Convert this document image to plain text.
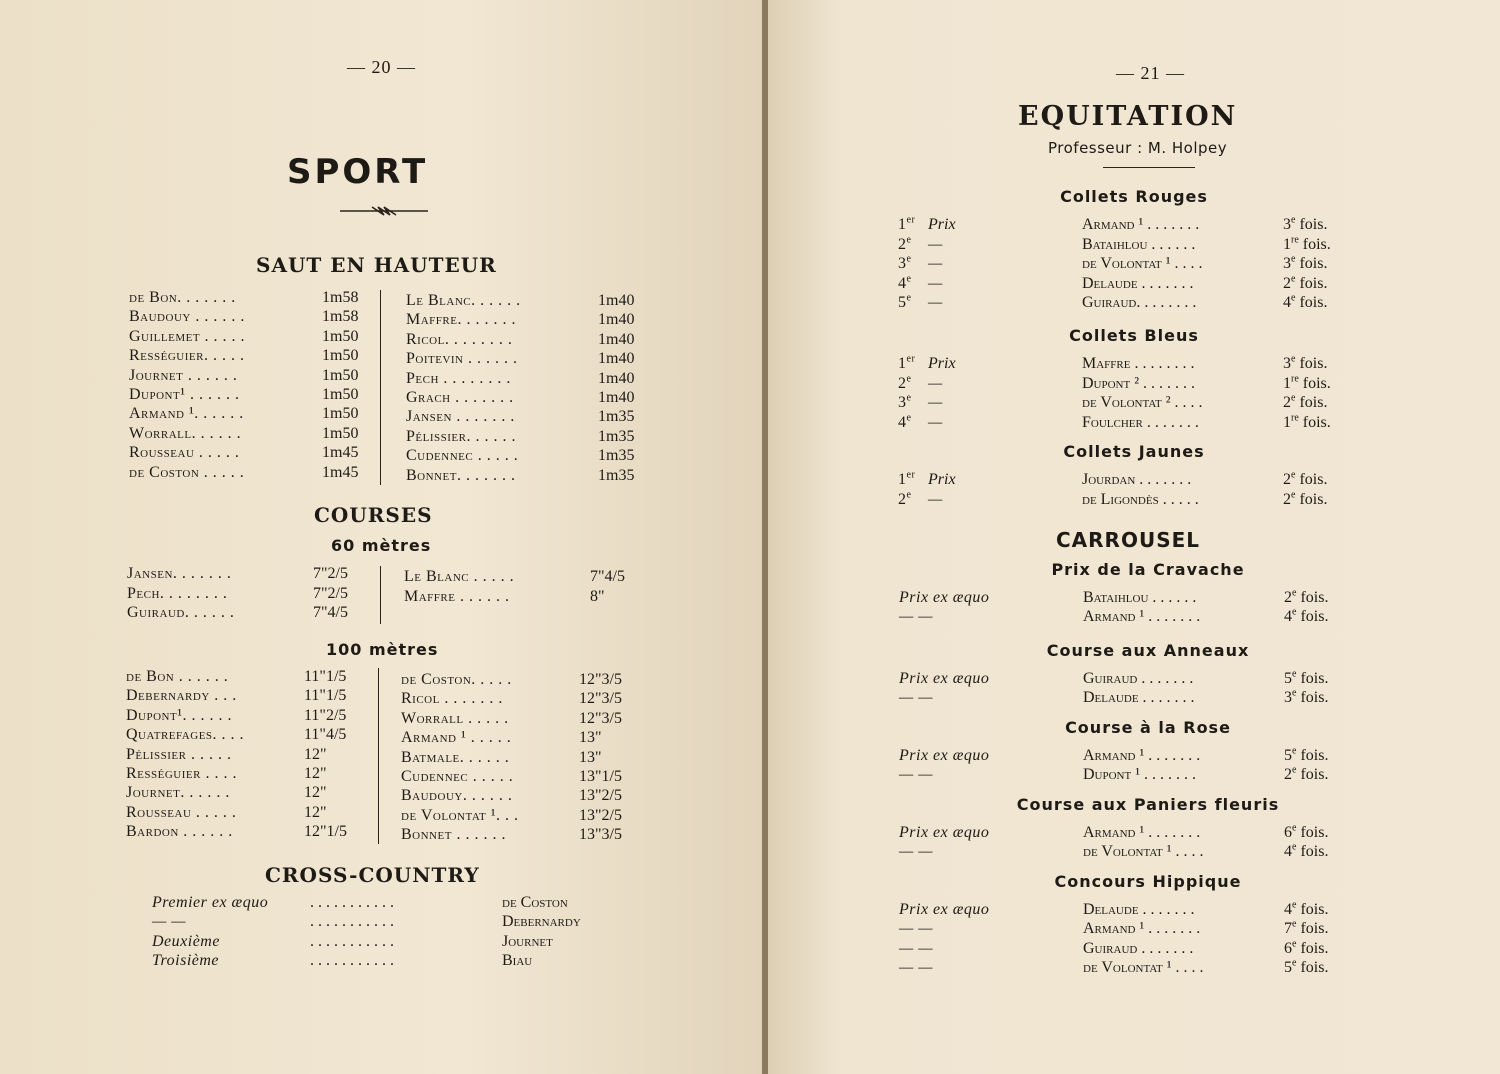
— 20 —
SPORT
SAUT EN HAUTEUR
de Bon. . . . . . .	1m58
Baudouy . . . . . .	1m58
Guillemet . . . . .	1m50
Rességuier. . . . .	1m50
Journet . . . . . .	1m50
Dupont¹ . . . . . .	1m50
Armand ¹. . . . . .	1m50
Worrall. . . . . .	1m50
Rousseau . . . . .	1m45
de Coston . . . . .	1m45
Le Blanc. . . . . .	1m40
Maffre. . . . . . .	1m40
Ricol. . . . . . . .	1m40
Poitevin . . . . . .	1m40
Pech . . . . . . . .	1m40
Grach . . . . . . .	1m40
Jansen . . . . . . .	1m35
Pélissier. . . . . .	1m35
Cudennec . . . . .	1m35
Bonnet. . . . . . .	1m35
COURSES
60 mètres
Jansen. . . . . . .	7"2/5
Pech. . . . . . . .	7"2/5
Guiraud. . . . . .	7"4/5
Le Blanc . . . . .	7"4/5
Maffre . . . . . .	8"
100 mètres
de Bon . . . . . .	11"1/5
Debernardy . . .	11"1/5
Dupont¹. . . . . .	11"2/5
Quatrefages. . . .	11"4/5
Pélissier . . . . .	12"
Rességuier . . . .	12"
Journet. . . . . .	12"
Rousseau . . . . .	12"
Bardon . . . . . .	12"1/5
de Coston. . . . .	12"3/5
Ricol . . . . . . .	12"3/5
Worrall . . . . .	12"3/5
Armand ¹ . . . . .	13"
Batmale. . . . . .	13"
Cudennec . . . . .	13"1/5
Baudouy. . . . . .	13"2/5
de Volontat ¹. . .	13"2/5
Bonnet . . . . . .	13"3/5
CROSS-COUNTRY
Premier ex æquo	. . . . . . . . . . .	de Coston
— —	. . . . . . . . . . .	Debernardy
Deuxième	. . . . . . . . . . .	Journet
Troisième	. . . . . . . . . . .	Biau
— 21 —
EQUITATION
Professeur : M. Holpey
Collets Rouges
1er Prix	Armand ¹ . . . . . . .	3e fois.
2e —	Bataihlou . . . . . .	1re fois.
3e —	de Volontat ¹ . . . .	3e fois.
4e —	Delaude . . . . . . .	2e fois.
5e —	Guiraud. . . . . . . .	4e fois.
Collets Bleus
1er Prix	Maffre . . . . . . . .	3e fois.
2e —	Dupont ² . . . . . . .	1re fois.
3e —	de Volontat ² . . . .	2e fois.
4e —	Foulcher . . . . . . .	1re fois.
Collets Jaunes
1er Prix	Jourdan . . . . . . .	2e fois.
2e —	de Ligondès . . . . .	2e fois.
CARROUSEL
Prix de la Cravache
Prix ex æquo	Bataihlou . . . . . .	2e fois.
— —	Armand ¹ . . . . . . .	4e fois.
Course aux Anneaux
Prix ex æquo	Guiraud . . . . . . .	5e fois.
— —	Delaude . . . . . . .	3e fois.
Course à la Rose
Prix ex æquo	Armand ¹ . . . . . . .	5e fois.
— —	Dupont ¹ . . . . . . .	2e fois.
Course aux Paniers fleuris
Prix ex æquo	Armand ¹ . . . . . . .	6e fois.
— —	de Volontat ¹ . . . .	4e fois.
Concours Hippique
Prix ex æquo	Delaude . . . . . . .	4e fois.
— —	Armand ¹ . . . . . . .	7e fois.
— —	Guiraud . . . . . . .	6e fois.
— —	de Volontat ¹ . . . .	5e fois.
